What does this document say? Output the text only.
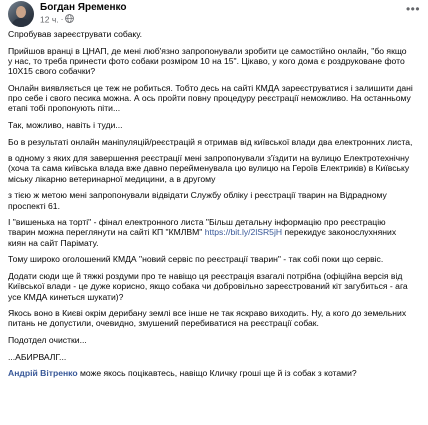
Богдан Яременко
12 ч. ·
•••

Спробував зареєструвати собаку.

Прийшов вранці в ЦНАП, де мені люб'язно запропонували зробити це самостійно онлайн, "бо якщо у нас, то треба принести фото собаки розміром 10 на 15". Цікаво, у кого дома є роздруковане фото 10Х15 свого собачки?

Онлайн виявляється це теж не робиться. Тобто десь на сайті КМДА зареєструватися і залишити дані про себе і свого песика можна. А ось пройти повну процедуру реєстрації неможливо. На останньому етапі тобі пропонують піти...

Так, можливо, навіть і туди...

Бо в результаті онлайн маніпуляцій/реєстрацій я отримав від київської влади два електронних листа,

в одному з яких для завершення реєстрації мені запропонували з'їздити на вулицю Електротехнічну (хоча та сама київська влада вже давно перейменувала цю вулицю на Героїв Електриків) в Київську міську лікарню ветеринарної медицини, а в другому

з тією ж метою мені запропонували відвідати Службу обліку і реєстрації тварин на Відрадному проспекті 61.

І "вишенька на торті" - фінал електронного листа "Більш детальну інформацію про реєстрацію тварин можна переглянути на сайті КП "КМЛВМ" https://bit.ly/2lSR5jH перекидує законослухняних киян на сайт Парімату.

Тому широко оголошений КМДА "новий сервіс по реєстрації тварин" - так собі поки що сервіс.

Додати сюди ще й тяжкі роздуми про те навіщо ця реєстрація взагалі потрібна (офіційна версія від Київської влади - це дуже корисно, якщо собака чи добровільно зареєстрований кіт загубиться - ага усе КМДА кинеться шукати)?

Якось воно в Києві окрім дерибану землі все інше не так яскраво виходить. Ну, а кого до земельних питань не допустили, очевидно, змушений перебиватися на реєстрації собак.

Подотдел очистки...

...АБИРВАЛГ...

Андрій Вітренко може якось поцікавтесь, навіщо Кличку гроші ще й із собак з котами?
